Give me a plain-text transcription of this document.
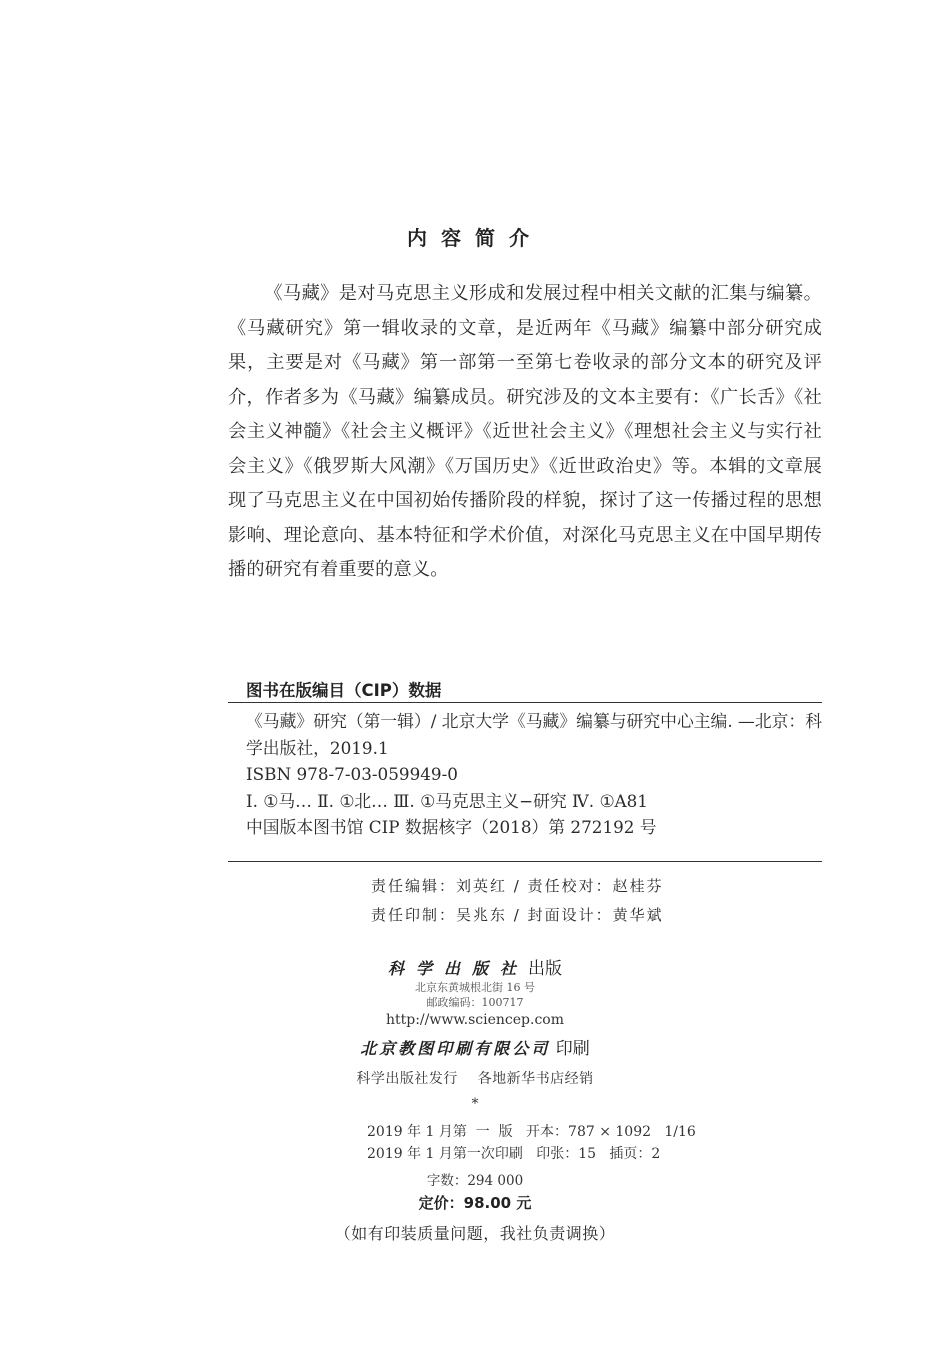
内容简介
《马藏》是对马克思主义形成和发展过程中相关文献的汇集与编纂。《马藏研究》第一辑收录的文章，是近两年《马藏》编纂中部分研究成果，主要是对《马藏》第一部第一至第七卷收录的部分文本的研究及评介，作者多为《马藏》编纂成员。研究涉及的文本主要有：《广长舌》《社会主义神髓》《社会主义概评》《近世社会主义》《理想社会主义与实行社会主义》《俄罗斯大风潮》《万国历史》《近世政治史》等。本辑的文章展现了马克思主义在中国初始传播阶段的样貌，探讨了这一传播过程的思想影响、理论意向、基本特征和学术价值，对深化马克思主义在中国早期传播的研究有着重要的意义。
图书在版编目（CIP）数据
《马藏》研究（第一辑）/ 北京大学《马藏》编纂与研究中心主编. —北京：科学出版社，2019.1
ISBN 978-7-03-059949-0
Ⅰ. ①马… Ⅱ. ①北… Ⅲ. ①马克思主义−研究 Ⅳ. ①A81
中国版本图书馆 CIP 数据核字（2018）第 272192 号
责任编辑：刘英红 / 责任校对：赵桂芬
责任印制：吴兆东 / 封面设计：黄华斌
科学出版社出版
北京东黄城根北街 16 号
邮政编码：100717
http://www.sciencep.com
北京教图印刷有限公司 印刷
科学出版社发行    各地新华书店经销
*
2019 年 1 月第  一  版   开本：787 × 1092   1/16
2019 年 1 月第一次印刷   印张：15   插页：2
字数：294 000
定价：98.00 元
（如有印装质量问题，我社负责调换）
